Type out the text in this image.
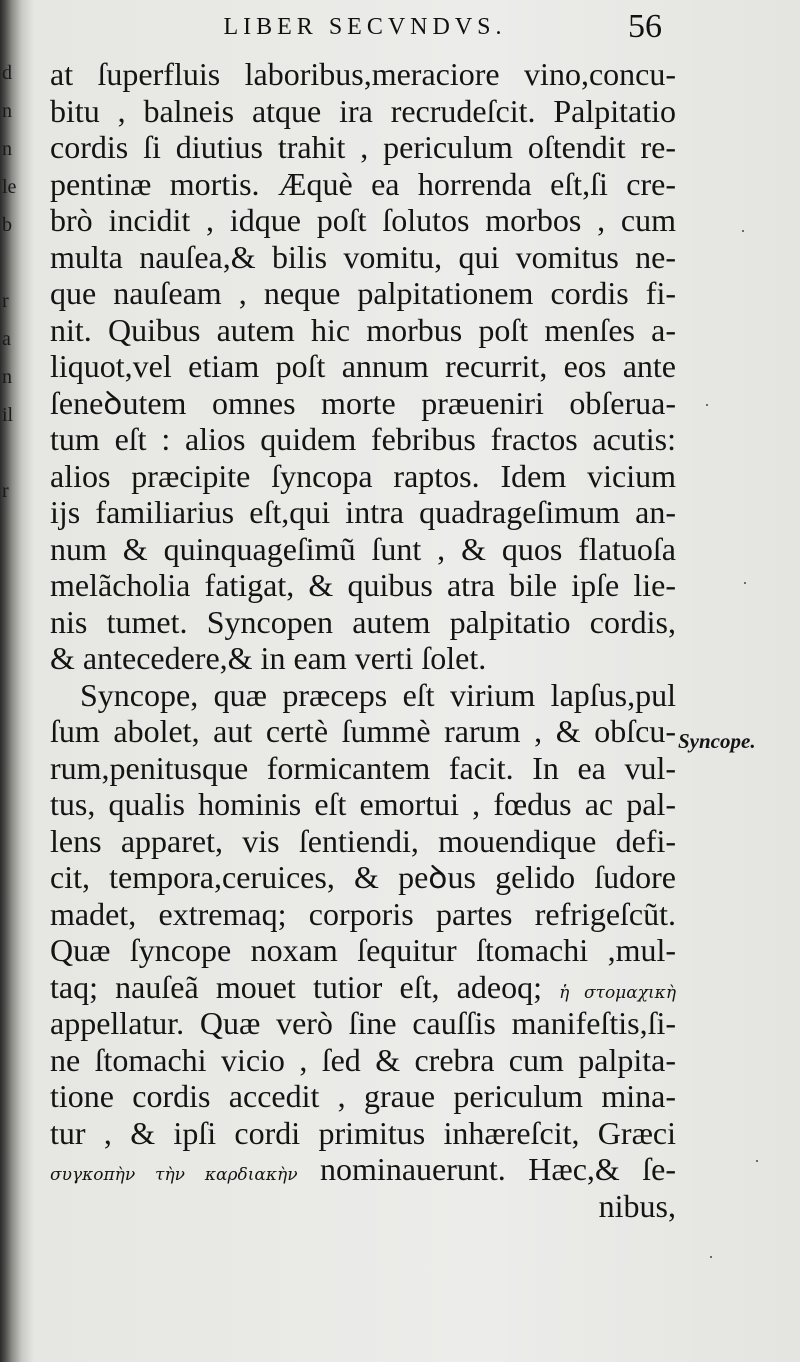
d
n
n
le
b
r
a
n
il
r
LIBER SECVNDVS.	56
at ſuperfluis laboribus,meraciore vino,concu-
bitu , balneis atque ira recrudeſcit. Palpitatio
cordis ſi diutius trahit , periculum oſtendit re-
pentinæ mortis. Æquè ea horrenda eſt,ſi cre-
brò incidit , idque poſt ſolutos morbos , cum
multa nauſea,& bilis vomitu, qui vomitus ne-
que nauſeam , neque palpitationem cordis fi-
nit. Quibus autem hic morbus poſt menſes a-
liquot,vel etiam poſt annum recurrit, eos ante
ſeneꝺutem omnes morte præueniri obſerua-
tum eſt : alios quidem febribus fractos acutis:
alios præcipite ſyncopa raptos. Idem vicium
ijs familiarius eſt,qui intra quadrageſimum an-
num & quinquageſimũ ſunt , & quos flatuoſa
melãcholia fatigat, & quibus atra bile ipſe lie-
nis tumet. Syncopen autem palpitatio cordis,
& antecedere,& in eam verti ſolet.
Syncope, quæ præceps eſt virium lapſus,pul
ſum abolet, aut certè ſummè rarum , & obſcu-
rum,penitusque formicantem facit. In ea vul-
tus, qualis hominis eſt emortui , fœdus ac pal-
lens apparet, vis ſentiendi, mouendique defi-
cit, tempora,ceruices, & peꝺus gelido ſudore
madet, extremaq; corporis partes refrigeſcũt.
Quæ ſyncope noxam ſequitur ſtomachi ,mul-
taq; nauſeã mouet tutior eſt, adeoq; ἡ στομαχικὴ
appellatur. Quæ verò ſine cauſſis manifeſtis,ſi-
ne ſtomachi vicio , ſed & crebra cum palpita-
tione cordis accedit , graue periculum mina-
tur , & ipſi cordi primitus inhæreſcit, Græci
συγκοπὴν τὴν καρδιακὴν nominauerunt. Hæc,& ſe-
nibus,
Syncope.
